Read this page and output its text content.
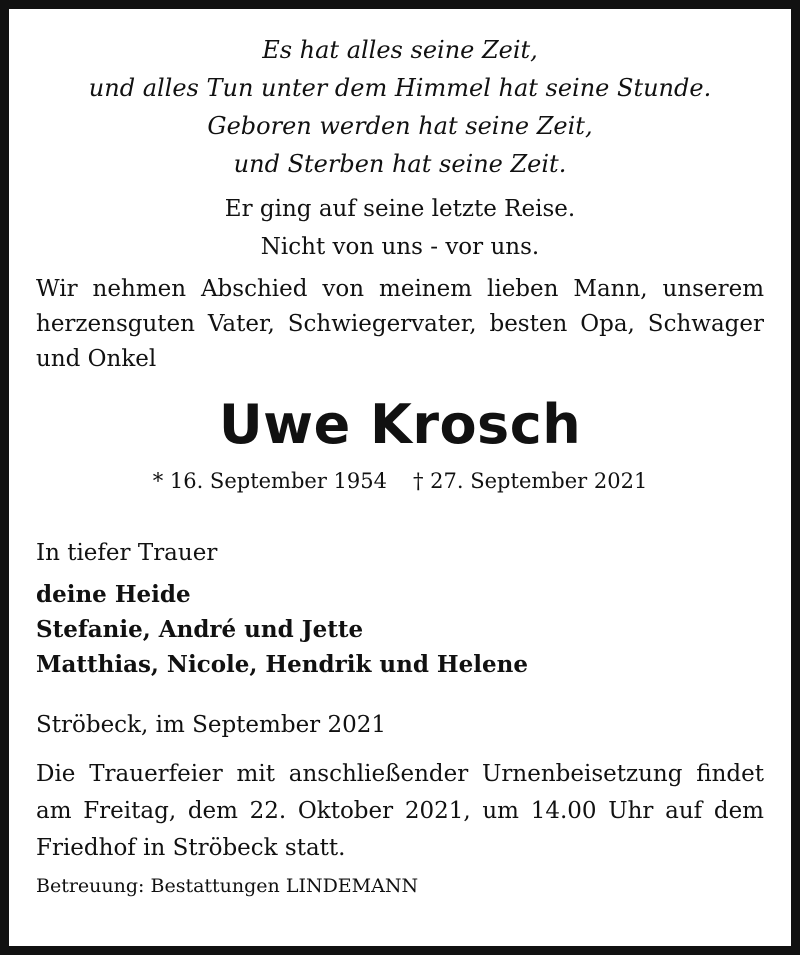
Es hat alles seine Zeit,
und alles Tun unter dem Himmel hat seine Stunde.
Geboren werden hat seine Zeit,
und Sterben hat seine Zeit.
Er ging auf seine letzte Reise.
Nicht von uns - vor uns.
Wir nehmen Abschied von meinem lieben Mann, unserem herzensguten Vater, Schwiegervater, besten Opa, Schwager und Onkel
Uwe Krosch
* 16. September 1954 † 27. September 2021
In tiefer Trauer
deine Heide
Stefanie, André und Jette
Matthias, Nicole, Hendrik und Helene
Ströbeck, im September 2021
Die Trauerfeier mit anschließender Urnenbeisetzung findet am Freitag, dem 22. Oktober 2021, um 14.00 Uhr auf dem Friedhof in Ströbeck statt.
Betreuung: Bestattungen LINDEMANN
